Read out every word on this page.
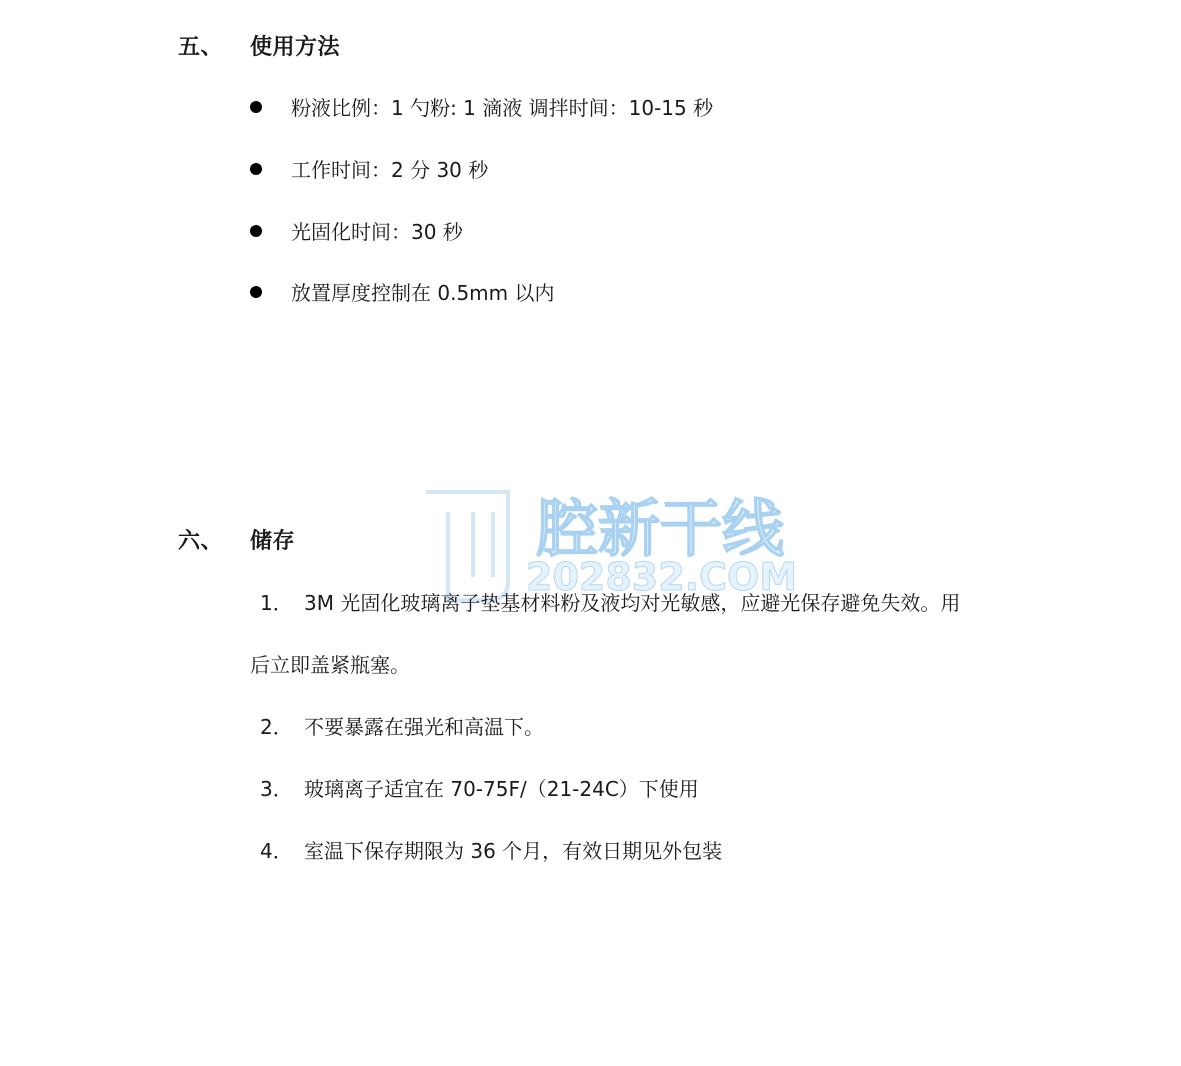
五、 使用方法
粉液比例：1 勺粉: 1 滴液 调拌时间：10-15 秒
工作时间：2 分 30 秒
光固化时间：30 秒
放置厚度控制在 0.5mm 以内
腔新干线
202832.COM
六、 储存
1． 3M 光固化玻璃离子垫基材料粉及液均对光敏感，应避光保存避免失效。用
后立即盖紧瓶塞。
2． 不要暴露在强光和高温下。
3． 玻璃离子适宜在 70-75F/（21-24C）下使用
4． 室温下保存期限为 36 个月，有效日期见外包装
